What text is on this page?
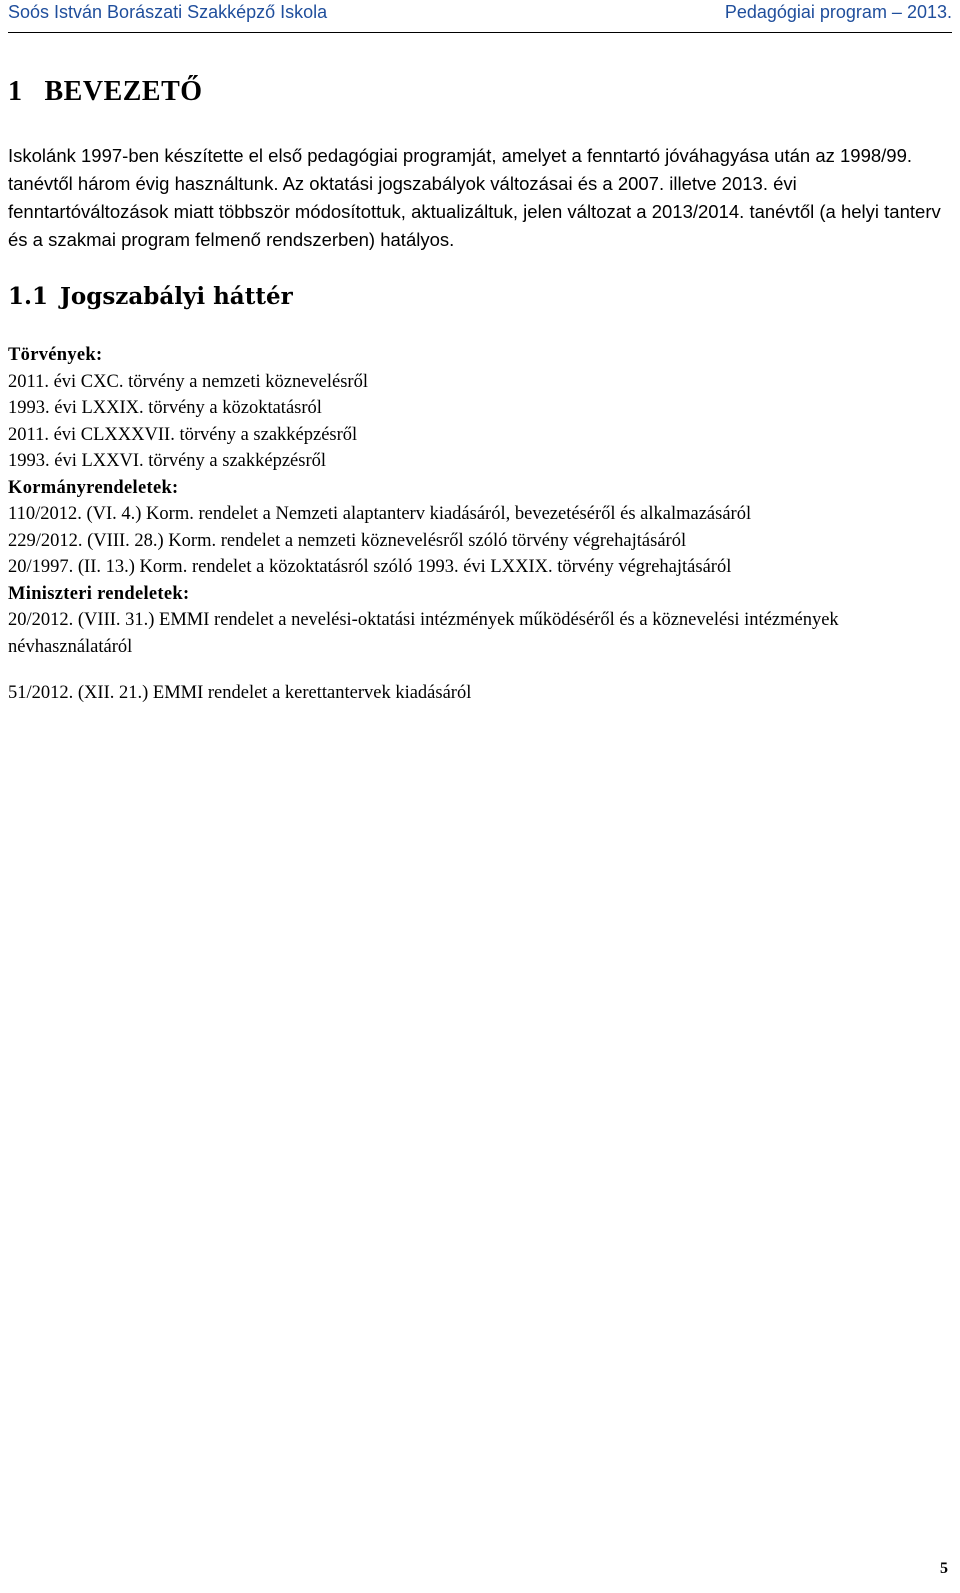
Soós István Borászati Szakképző Iskola	Pedagógiai program – 2013.
1 BEVEZETŐ

Iskolánk 1997-ben készítette el első pedagógiai programját, amelyet a fenntartó jóváhagyása után az 1998/99. tanévtől három évig használtunk. Az oktatási jogszabályok változásai és a 2007. illetve 2013. évi fenntartóváltozások miatt többször módosítottuk, aktualizáltuk, jelen változat a 2013/2014. tanévtől (a helyi tanterv és a szakmai program felmenő rendszerben) hatályos.

1.1 Jogszabályi háttér
Törvények:
2011. évi CXC. törvény a nemzeti köznevelésről
1993. évi LXXIX. törvény a közoktatásról
2011. évi CLXXXVII. törvény a szakképzésről
1993. évi LXXVI. törvény a szakképzésről
Kormányrendeletek:
110/2012. (VI. 4.) Korm. rendelet a Nemzeti alaptanterv kiadásáról, bevezetéséről és alkalmazásáról
229/2012. (VIII. 28.) Korm. rendelet a nemzeti köznevelésről szóló törvény végrehajtásáról
20/1997. (II. 13.) Korm. rendelet a közoktatásról szóló 1993. évi LXXIX. törvény végrehajtásáról
Miniszteri rendeletek:
20/2012. (VIII. 31.) EMMI rendelet a nevelési-oktatási intézmények működéséről és a köznevelési intézmények névhasználatáról
51/2012. (XII. 21.) EMMI rendelet a kerettantervek kiadásáról
5
